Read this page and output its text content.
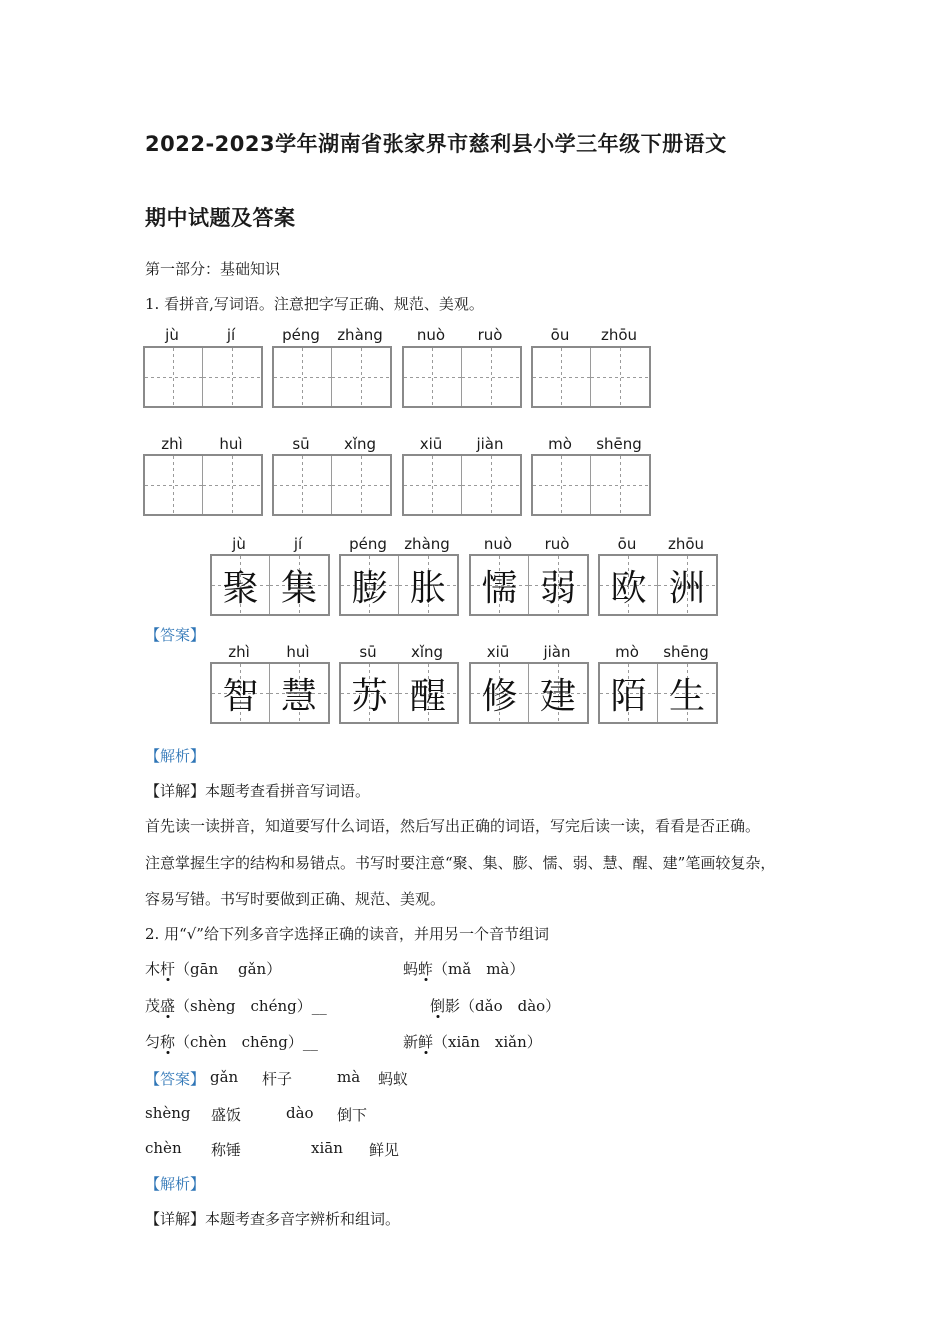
2022-2023学年湖南省张家界市慈利县小学三年级下册语文
期中试题及答案
第一部分：基础知识
1. 看拼音,写词语。注意把字写正确、规范、美观。
jù	jí	péng	zhàng	nuò	ruò	ōu	zhōu
zhì	huì	sū	xǐng	xiū	jiàn	mò	shēng
jù	jí
聚 集
péng	zhàng
膨 胀
nuò	ruò
懦 弱
ōu	zhōu
欧 洲
zhì	huì
智 慧
sū	xǐng
苏 醒
xiū	jiàn
修 建
mò	shēng
陌 生
【答案】
【解析】
【详解】本题考查看拼音写词语。
首先读一读拼音，知道要写什么词语，然后写出正确的词语，写完后读一读，看看是否正确。
注意掌握生字的结构和易错点。书写时要注意“聚、集、膨、懦、弱、慧、醒、建”笔画较复杂，
容易写错。书写时要做到正确、规范、美观。
2. 用“√”给下列多音字选择正确的读音，并用另一个音节组词
木杆（gān　 gǎn）	蚂蚱（mǎ　mà）
茂盛（shèng　chéng）__	倒影（dǎo　dào）
匀称（chèn　chēng）__	新鲜（xiān　xiǎn）
【答案】 gǎn 杆子	mà 蚂蚁
shèng 盛饭	dào 倒下
chèn 称锤	xiān 鲜见
【解析】
【详解】本题考查多音字辨析和组词。
